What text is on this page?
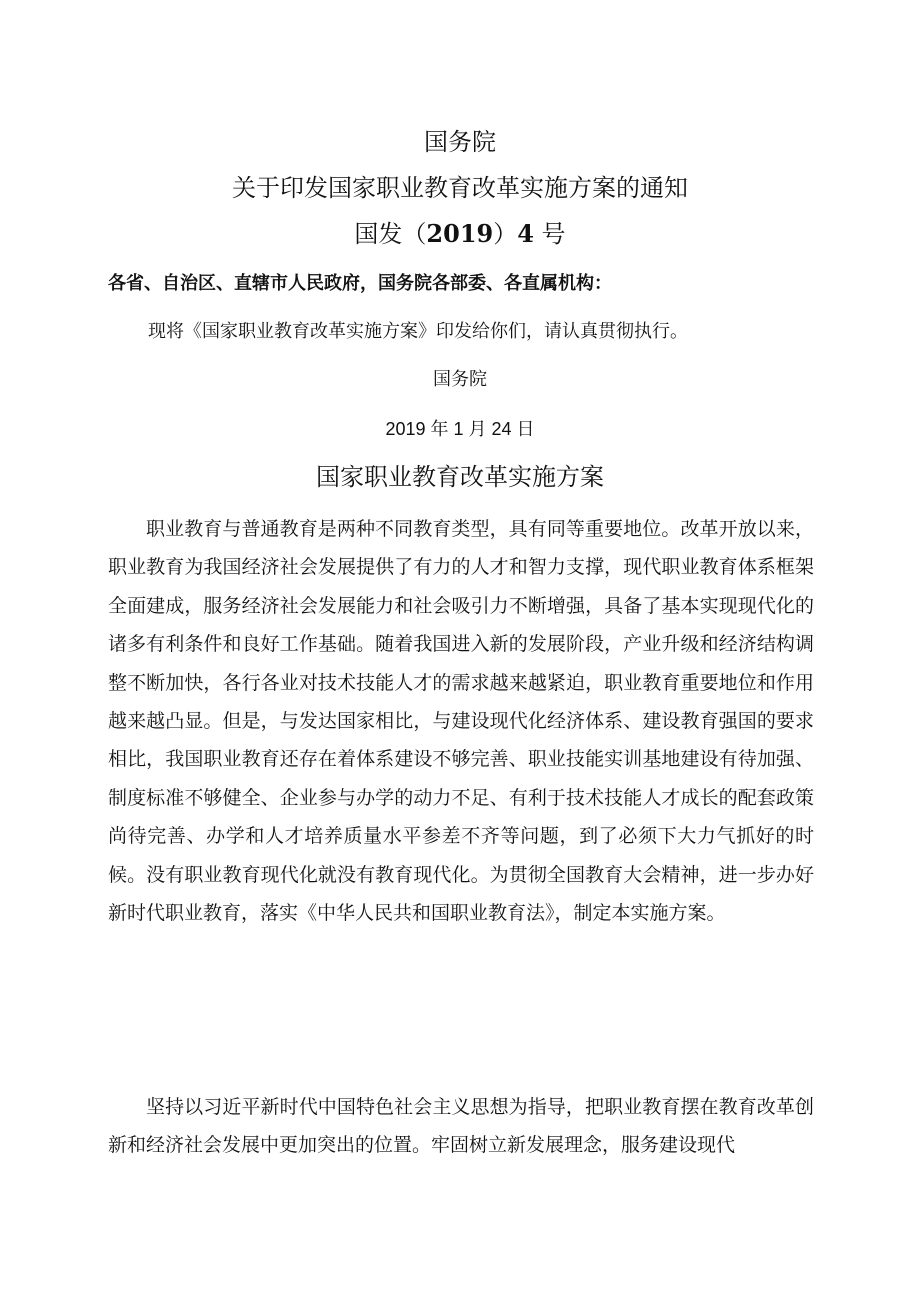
国务院
关于印发国家职业教育改革实施方案的通知
国发（2019）4 号
各省、自治区、直辖市人民政府，国务院各部委、各直属机构：
现将《国家职业教育改革实施方案》印发给你们，请认真贯彻执行。
国务院
2019 年 1 月 24 日
国家职业教育改革实施方案
职业教育与普通教育是两种不同教育类型，具有同等重要地位。改革开放以来，职业教育为我国经济社会发展提供了有力的人才和智力支撑，现代职业教育体系框架全面建成，服务经济社会发展能力和社会吸引力不断增强，具备了基本实现现代化的诸多有利条件和良好工作基础。随着我国进入新的发展阶段，产业升级和经济结构调整不断加快，各行各业对技术技能人才的需求越来越紧迫，职业教育重要地位和作用越来越凸显。但是，与发达国家相比，与建设现代化经济体系、建设教育强国的要求相比，我国职业教育还存在着体系建设不够完善、职业技能实训基地建设有待加强、制度标准不够健全、企业参与办学的动力不足、有利于技术技能人才成长的配套政策尚待完善、办学和人才培养质量水平参差不齐等问题，到了必须下大力气抓好的时候。没有职业教育现代化就没有教育现代化。为贯彻全国教育大会精神，进一步办好新时代职业教育，落实《中华人民共和国职业教育法》，制定本实施方案。
坚持以习近平新时代中国特色社会主义思想为指导，把职业教育摆在教育改革创新和经济社会发展中更加突出的位置。牢固树立新发展理念，服务建设现代
